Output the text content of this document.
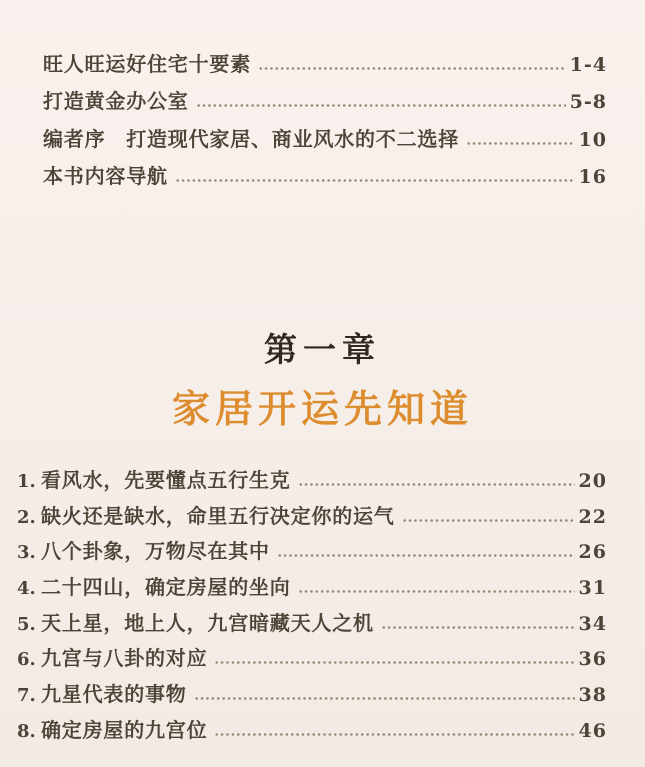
旺人旺运好住宅十要素	1-4
打造黄金办公室	5-8
编者序　打造现代家居、商业风水的不二选择	10
本书内容导航	16
第一章
家居开运先知道
1. 看风水，先要懂点五行生克	20
2. 缺火还是缺水，命里五行决定你的运气	22
3. 八个卦象，万物尽在其中	26
4. 二十四山，确定房屋的坐向	31
5. 天上星，地上人，九宫暗藏天人之机	34
6. 九宫与八卦的对应	36
7. 九星代表的事物	38
8. 确定房屋的九宫位	46
